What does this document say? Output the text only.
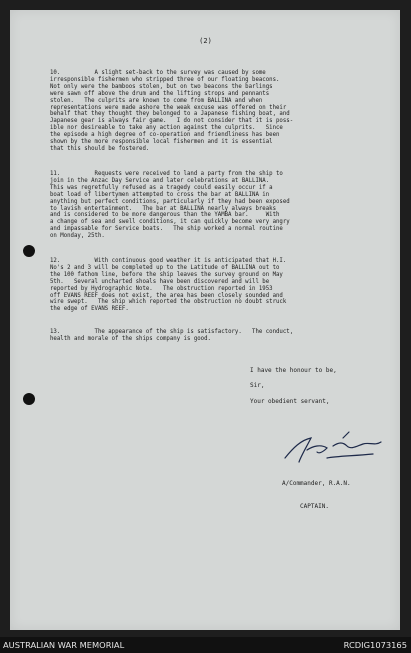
(2)
10.          A slight set-back to the survey was caused by some
irresponsible fishermen who stripped three of our floating beacons.
Not only were the bamboos stolen, but on two beacons the barlings
were sawn off above the drum and the lifting strops and pennants
stolen.   The culprits are known to come from BALLINA and when
representations were made ashore the weak excuse was offered on their
behalf that they thought they belonged to a Japanese fishing boat, and
Japanese gear is always fair game.   I do not consider that it is poss-
ible nor desireable to take any action against the culprits.   Since
the episode a high degree of co-operation and friendliness has been
shown by the more responsible local fishermen and it is essential
that this should be fostered.
11.          Requests were received to land a party from the ship to
join in the Anzac Day Service and later celebrations at BALLINA.
This was regretfully refused as a tragedy could easily occur if a
boat load of libertymen attempted to cross the bar at BALLINA in
anything but perfect conditions, particularly if they had been exposed
to lavish entertainment.   The bar at BALLINA nearly always breaks
and is considered to be more dangerous than the YAMBA bar.     With
a change of sea and swell conditions, it can quickly become very angry
and impassable for Service boats.   The ship worked a normal routine
on Monday, 25th.
12.          With continuous good weather it is anticipated that H.I.
No's 2 and 3 will be completed up to the Latitude of BALLINA out to
the 100 fathom line, before the ship leaves the survey ground on May
5th.   Several uncharted shoals have been discovered and will be
reported by Hydrographic Note.   The obstruction reported in 1953
off EVANS REEF does not exist, the area has been closely sounded and
wire swept.   The ship which reported the obstruction no doubt struck
the edge of EVANS REEF.
13.          The appearance of the ship is satisfactory.   The conduct,
health and morale of the ships company is good.

I have the honour to be,

Sir,

Your obedient servant,

A/Commander, R.A.N.

CAPTAIN.

AUSTRALIAN WAR MEMORIAL	RCDIG1073165
